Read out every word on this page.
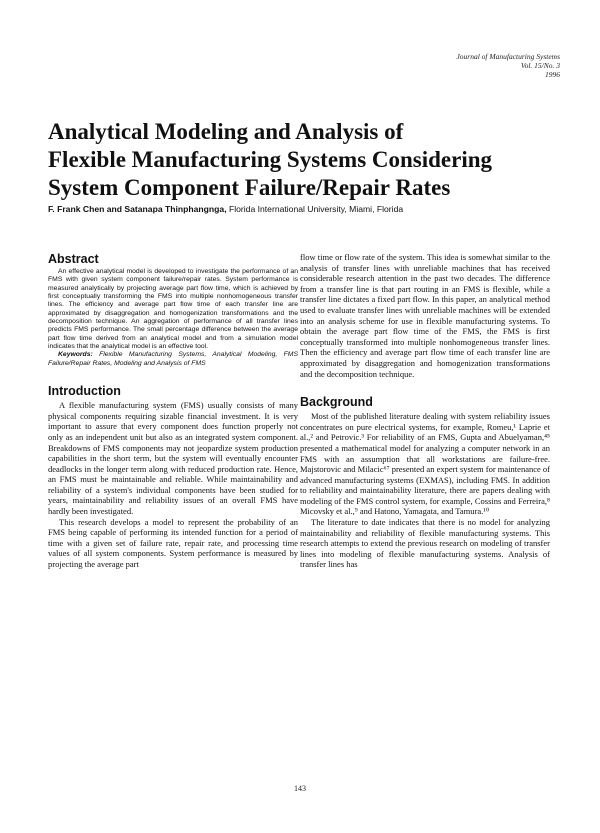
Journal of Manufacturing Systems
Vol. 15/No. 3
1996
Analytical Modeling and Analysis of
Flexible Manufacturing Systems Considering
System Component Failure/Repair Rates
F. Frank Chen and Satanapa Thinphangnga, Florida International University, Miami, Florida
Abstract

An effective analytical model is developed to investigate the performance of an FMS with given system component failure/repair rates. System performance is measured analytically by projecting average part flow time, which is achieved by first conceptually transforming the FMS into multiple nonhomogeneous transfer lines. The efficiency and average part flow time of each transfer line are approximated by disaggregation and homogenization transformations and the decomposition technique. An aggregation of performance of all transfer lines predicts FMS performance. The small percentage difference between the average part flow time derived from an analytical model and from a simulation model indicates that the analytical model is an effective tool.

Keywords: Flexible Manufacturing Systems, Analytical Modeling, FMS Failure/Repair Rates, Modeling and Analysis of FMS

Introduction

A flexible manufacturing system (FMS) usually consists of many physical components requiring sizable financial investment. It is very important to assure that every component does function properly not only as an independent unit but also as an integrated system component. Breakdowns of FMS components may not jeopardize system production capabilities in the short term, but the system will eventually encounter deadlocks in the longer term along with reduced production rate. Hence, an FMS must be maintainable and reliable. While maintainability and reliability of a system's individual components have been studied for years, maintainability and reliability issues of an overall FMS have hardly been investigated.

This research develops a model to represent the probability of an FMS being capable of performing its intended function for a period of time with a given set of failure rate, repair rate, and processing time values of all system components. System performance is measured by projecting the average part

flow time or flow rate of the system. This idea is somewhat similar to the analysis of transfer lines with unreliable machines that has received considerable research attention in the past two decades. The difference from a transfer line is that part routing in an FMS is flexible, while a transfer line dictates a fixed part flow. In this paper, an analytical method used to evaluate transfer lines with unreliable machines will be extended into an analysis scheme for use in flexible manufacturing systems. To obtain the average part flow time of the FMS, the FMS is first conceptually transformed into multiple nonhomogeneous transfer lines. Then the efficiency and average part flow time of each transfer line are approximated by disaggregation and homogenization transformations and the decomposition technique.

Background

Most of the published literature dealing with system reliability issues concentrates on pure electrical systems, for example, Romeu,¹ Laprie et al.,² and Petrovic.³ For reliability of an FMS, Gupta and Abuelyaman,⁴⁵ presented a mathematical model for analyzing a computer network in an FMS with an assumption that all workstations are failure-free. Majstorovic and Milacic⁶⁷ presented an expert system for maintenance of advanced manufacturing systems (EXMAS), including FMS. In addition to reliability and maintainability literature, there are papers dealing with modeling of the FMS control system, for example, Cossins and Ferreira,⁸ Micovsky et al.,⁹ and Hatono, Yamagata, and Tamura.¹⁰

The literature to date indicates that there is no model for analyzing maintainability and reliability of flexible manufacturing systems. This research attempts to extend the previous research on modeling of transfer lines into modeling of flexible manufacturing systems. Analysis of transfer lines has

143
